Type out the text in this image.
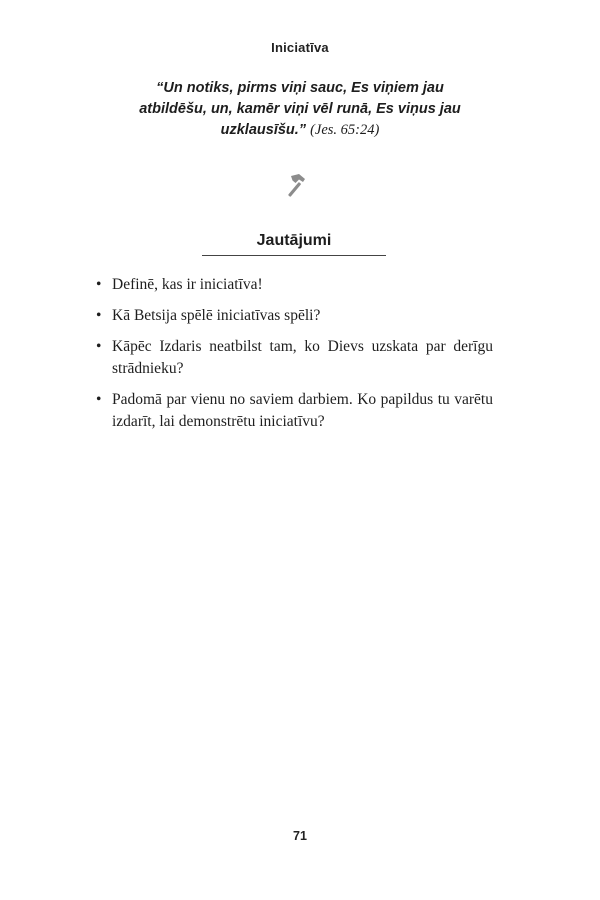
Iniciatīva
“Un notiks, pirms viņi sauc, Es viņiem jau atbildēšu, un, kamēr viņi vēl runā, Es viņus jau uzklausīšu.” (Jes. 65:24)
Jautājumi
• Definē, kas ir iniciatīva!
• Kā Betsija spēlē iniciatīvas spēli?
• Kāpēc Izdaris neatbilst tam, ko Dievs uzskata par derīgu strādnieku?
• Padomā par vienu no saviem darbiem. Ko papildus tu varētu izdarīt, lai demonstrētu iniciatīvu?
71
